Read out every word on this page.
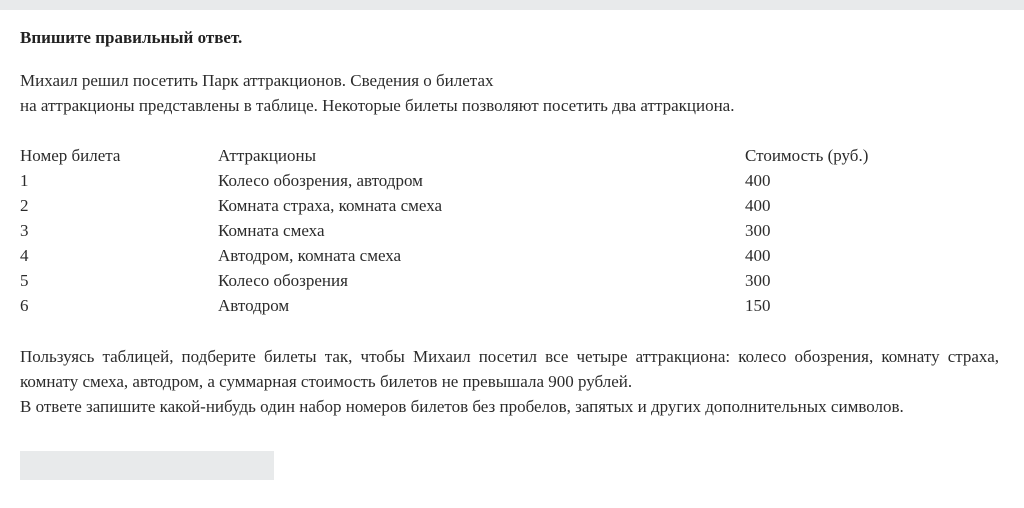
Впишите правильный ответ.

Михаил решил посетить Парк аттракционов. Сведения о билетах
на аттракционы представлены в таблице. Некоторые билеты позволяют посетить два аттракциона.

Номер билета	Аттракционы	Стоимость (руб.)
1	Колесо обозрения, автодром	400
2	Комната страха, комната смеха	400
3	Комната смеха	300
4	Автодром, комната смеха	400
5	Колесо обозрения	300
6	Автодром	150

Пользуясь таблицей, подберите билеты так, чтобы Михаил посетил все четыре аттракциона: колесо обозрения, комнату страха, комнату смеха, автодром, а суммарная стоимость билетов не превышала 900 рублей.

В ответе запишите какой-нибудь один набор номеров билетов без пробелов, запятых и других дополнительных символов.
